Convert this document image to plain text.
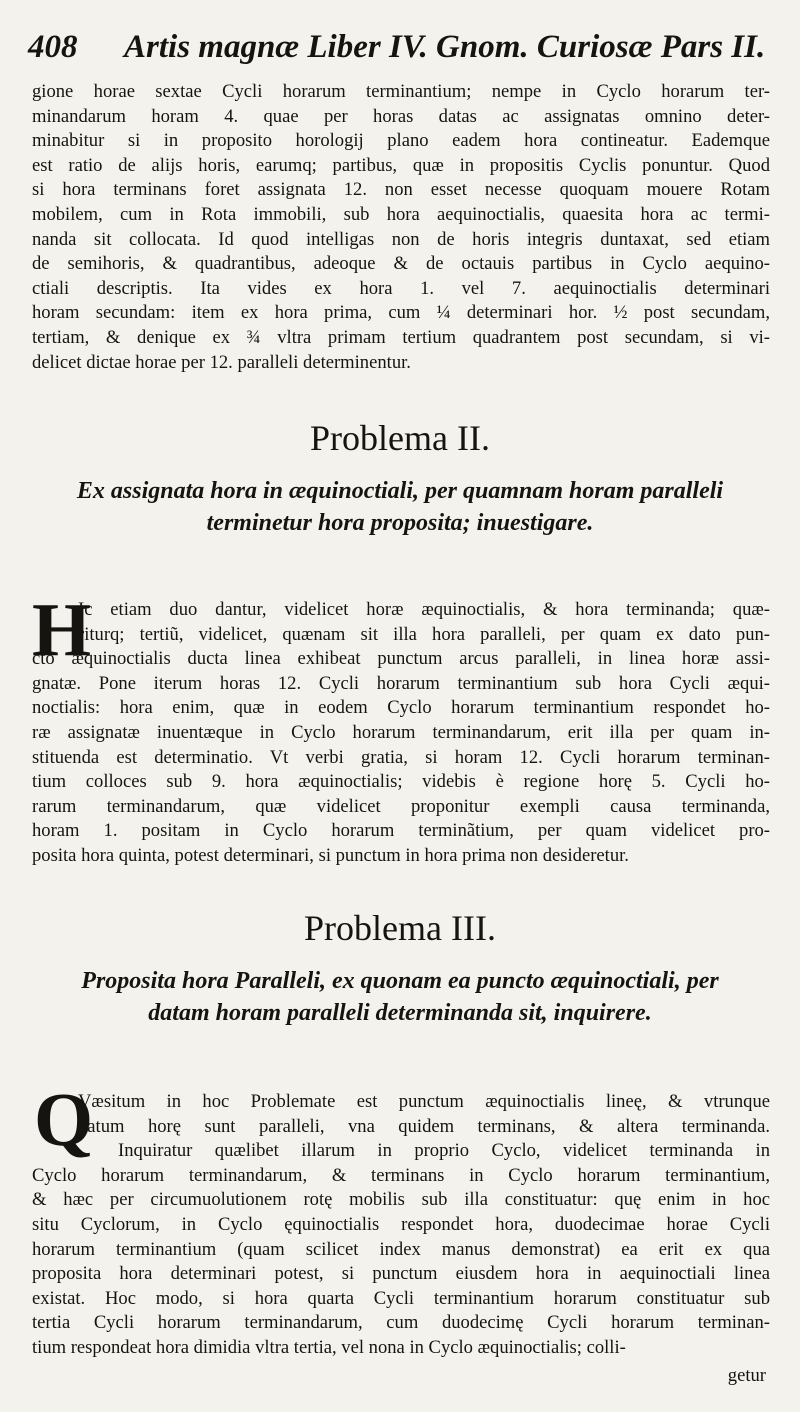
408 Artis magnæ Liber IV. Gnom. Curiosæ Pars II.
gione horae sextae Cycli horarum terminantium; nempe in Cyclo horarum ter-
minandarum horam 4. quae per horas datas ac assignatas omnino deter-
minabitur si in proposito horologij plano eadem hora contineatur. Eademque
est ratio de alijs horis, earumq; partibus, quæ in propositis Cyclis ponuntur. Quod
si hora terminans foret assignata 12. non esset necesse quoquam mouere Rotam
mobilem, cum in Rota immobili, sub hora aequinoctialis, quaesita hora ac termi-
nanda sit collocata. Id quod intelligas non de horis integris duntaxat, sed etiam
de semihoris, & quadrantibus, adeoque & de octauis partibus in Cyclo aequino-
ctiali descriptis. Ita vides ex hora 1. vel 7. aequinoctialis determinari
horam secundam: item ex hora prima, cum ¼ determinari hor. ½ post secundam,
tertiam, & denique ex ¾ vltra primam tertium quadrantem post secundam, si vi-
delicet dictae horae per 12. paralleli determinentur.
Problema II.
Ex assignata hora in æquinoctiali, per quamnam horam paralleli
terminetur hora proposita; inuestigare.
H
Ic etiam duo dantur, videlicet horæ æquinoctialis, & hora terminanda; quæ-
riturq; tertiũ, videlicet, quænam sit illa hora paralleli, per quam ex dato pun-
cto æquinoctialis ducta linea exhibeat punctum arcus paralleli, in linea horæ assi-
gnatæ. Pone iterum horas 12. Cycli horarum terminantium sub hora Cycli æqui-
noctialis: hora enim, quæ in eodem Cyclo horarum terminantium respondet ho-
ræ assignatæ inuentæque in Cyclo horarum terminandarum, erit illa per quam in-
stituenda est determinatio. Vt verbi gratia, si horam 12. Cycli horarum terminan-
tium colloces sub 9. hora æquinoctialis; videbis è regione horę 5. Cycli ho-
rarum terminandarum, quæ videlicet proponitur exempli causa terminanda,
horam 1. positam in Cyclo horarum terminãtium, per quam videlicet pro-
posita hora quinta, potest determinari, si punctum in hora prima non desideretur.
Problema III.
Proposita hora Paralleli, ex quonam ea puncto æquinoctiali, per
datam horam paralleli determinanda sit, inquirere.
Q
Væsitum in hoc Problemate est punctum æquinoctialis lineę, & vtrunque
datum horę sunt paralleli, vna quidem terminans, & altera terminanda.
Inquiratur quælibet illarum in proprio Cyclo, videlicet terminanda in
Cyclo horarum terminandarum, & terminans in Cyclo horarum terminantium,
& hæc per circumuolutionem rotę mobilis sub illa constituatur: quę enim in hoc
situ Cyclorum, in Cyclo ęquinoctialis respondet hora, duodecimae horae Cycli
horarum terminantium (quam scilicet index manus demonstrat) ea erit ex qua
proposita hora determinari potest, si punctum eiusdem hora in aequinoctiali linea
existat. Hoc modo, si hora quarta Cycli terminantium horarum constituatur sub
tertia Cycli horarum terminandarum, cum duodecimę Cycli horarum terminan-
tium respondeat hora dimidia vltra tertia, vel nona in Cyclo æquinoctialis; colli-
getur
